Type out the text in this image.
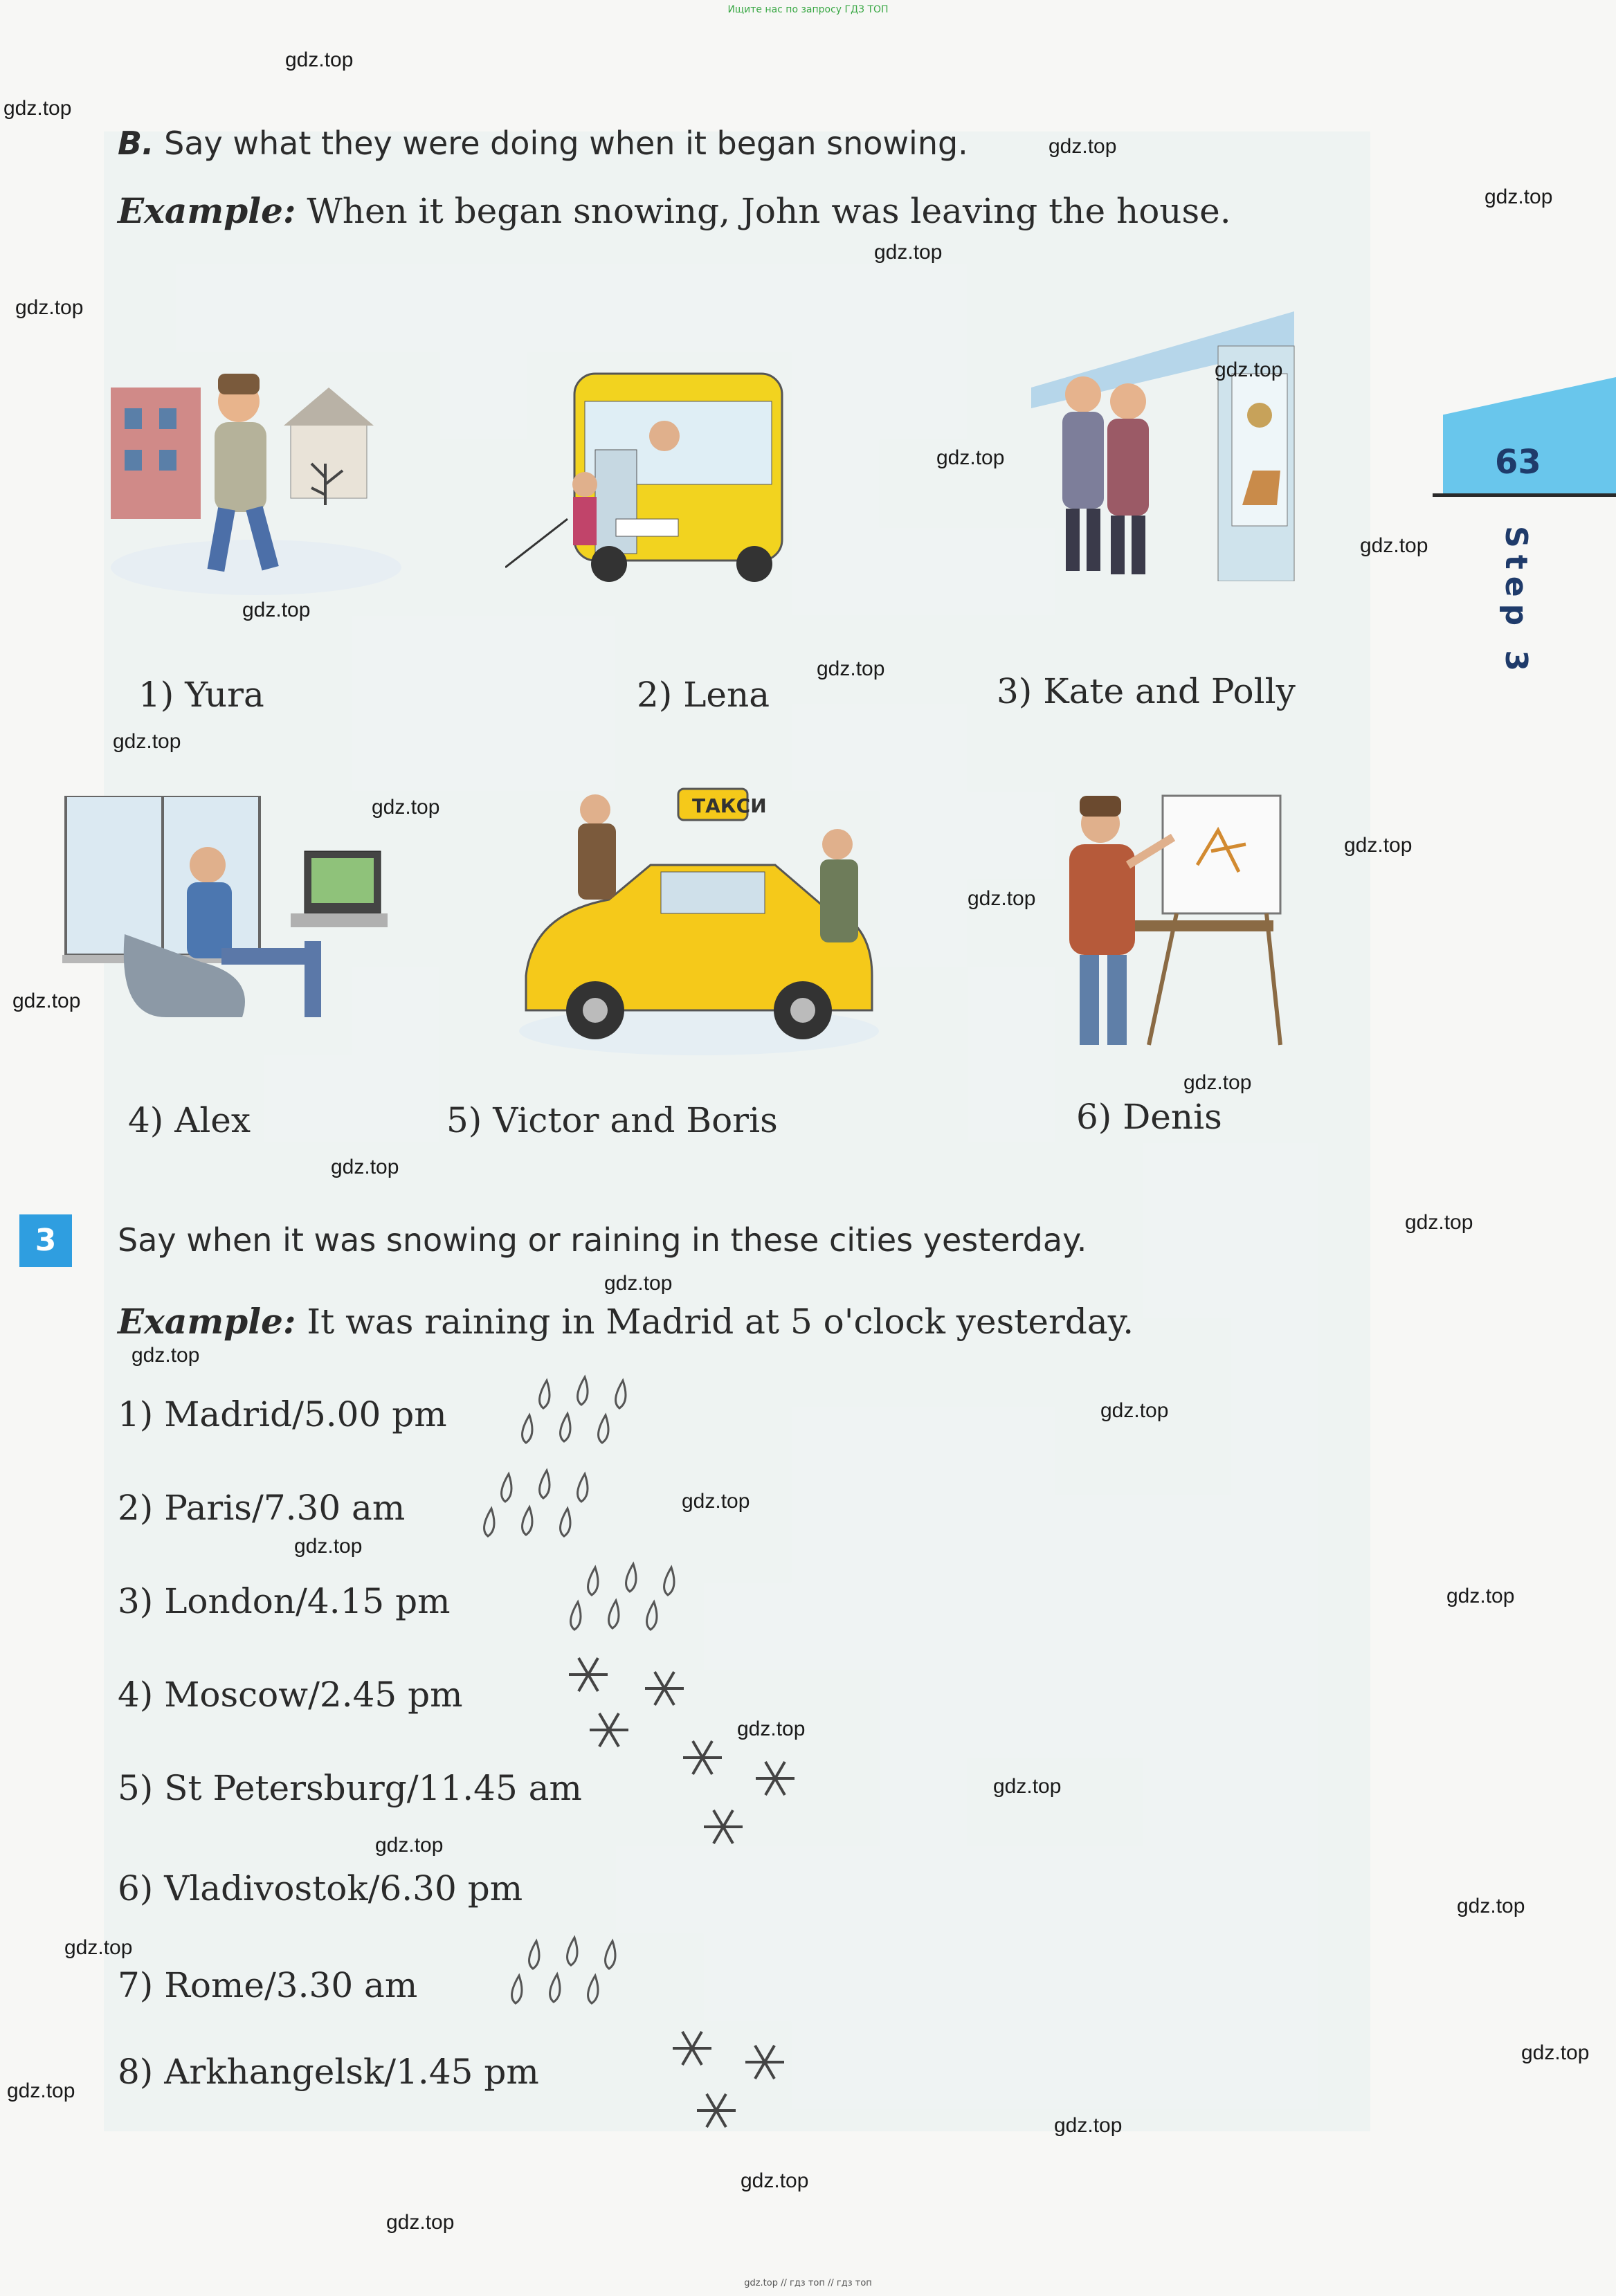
Ищите нас по запросу ГДЗ ТОП
63
Step 3
B. Say what they were doing when it began snowing.
Example: When it began snowing, John was leaving the house.
1) Yura	2) Lena	3) Kate and Polly
4) Alex
ТАКСИ
5) Victor and Boris	6) Denis
3	Say when it was snowing or raining in these cities yesterday.
Example: It was raining in Madrid at 5 o'clock yesterday.
1) Madrid/5.00 pm
2) Paris/7.30 am
3) London/4.15 pm
4) Moscow/2.45 pm
5) St Petersburg/11.45 am
6) Vladivostok/6.30 pm
7) Rome/3.30 am
8) Arkhangelsk/1.45 pm
gdz.top
gdz.top
gdz.top
gdz.top
gdz.top
gdz.top
gdz.top
gdz.top
gdz.top
gdz.top
gdz.top
gdz.top
gdz.top
gdz.top
gdz.top
gdz.top
gdz.top
gdz.top
gdz.top
gdz.top
gdz.top
gdz.top
gdz.top
gdz.top
gdz.top
gdz.top
gdz.top
gdz.top
gdz.top
gdz.top
gdz.top
gdz.top
gdz.top
gdz.top
gdz.top
gdz.top // гдз топ // гдз топ
